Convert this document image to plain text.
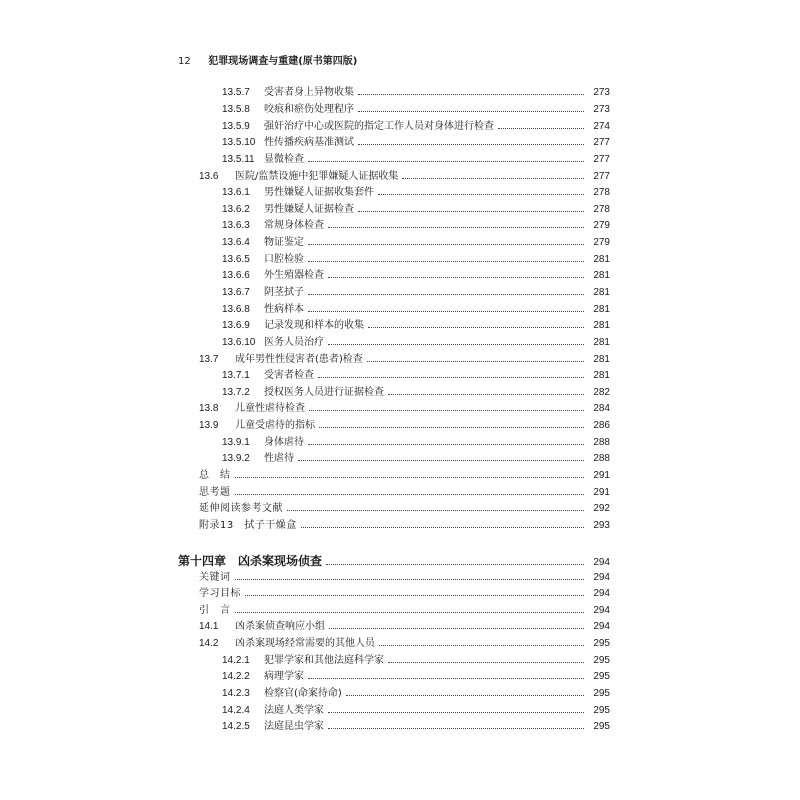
12 犯罪现场调查与重建(原书第四版)
13.5.7	受害者身上异物收集	273
13.5.8	咬痕和瘀伤处理程序	273
13.5.9	强奸治疗中心或医院的指定工作人员对身体进行检查	274
13.5.10 性传播疾病基准测试	277
13.5.11 显微检查	277
13.6	医院/监禁设施中犯罪嫌疑人证据收集	277
13.6.1	男性嫌疑人证据收集套件	278
13.6.2	男性嫌疑人证据检查	278
13.6.3	常规身体检查	279
13.6.4	物证鉴定	279
13.6.5	口腔检验	281
13.6.6	外生殖器检查	281
13.6.7	阴茎拭子	281
13.6.8	性病样本	281
13.6.9	记录发现和样本的收集	281
13.6.10 医务人员治疗	281
13.7	成年男性性侵害者(患者)检查	281
13.7.1	受害者检查	281
13.7.2	授权医务人员进行证据检查	282
13.8	儿童性虐待检查	284
13.9	儿童受虐待的指标	286
13.9.1	身体虐待	288
13.9.2	性虐待	288
总　结	291
思考题	291
延伸阅读参考文献	292
附录13　拭子干燥盒	293
第十四章 凶杀案现场侦查	294
关键词	294
学习目标	294
引　言	294
14.1	凶杀案侦查响应小组	294
14.2	凶杀案现场经常需要的其他人员	295
14.2.1	犯罪学家和其他法庭科学家	295
14.2.2	病理学家	295
14.2.3	检察官(命案待命)	295
14.2.4	法庭人类学家	295
14.2.5	法庭昆虫学家	295
